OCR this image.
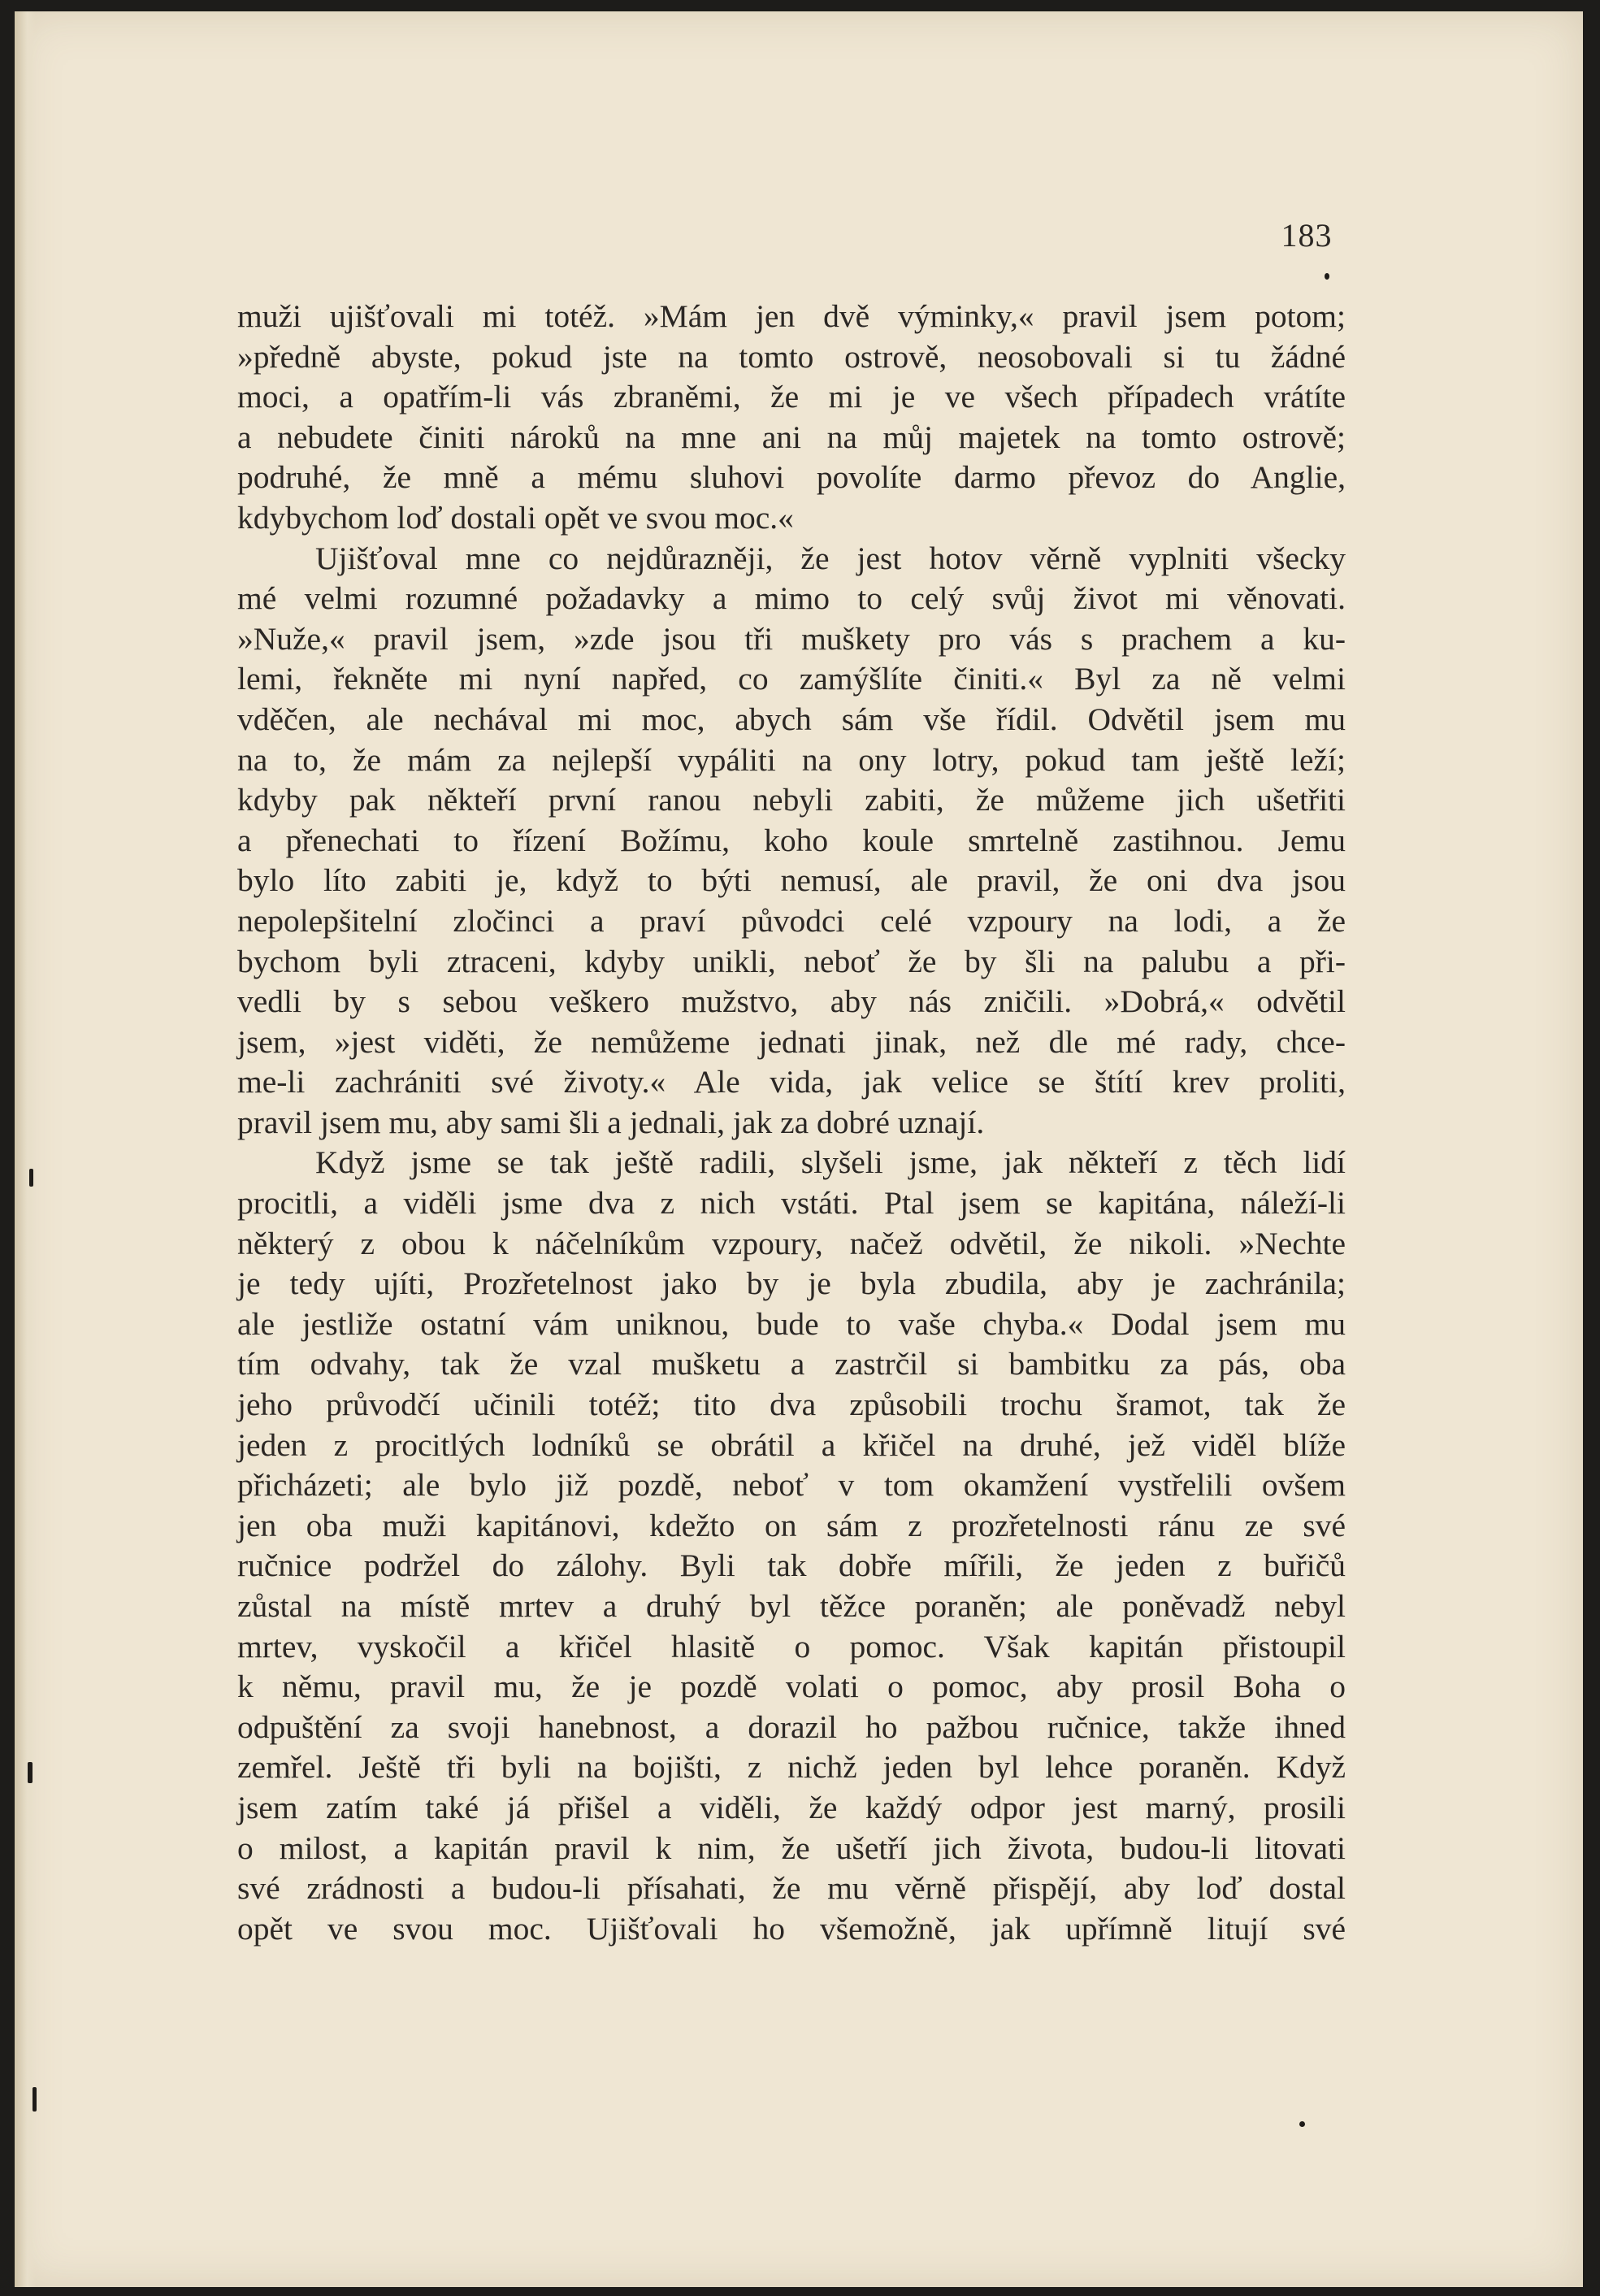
183
muži ujišťovali mi totéž. »Mám jen dvě výminky,« pravil jsem potom;
»předně abyste, pokud jste na tomto ostrově, neosobovali si tu žádné
moci, a opatřím-li vás zbraněmi, že mi je ve všech případech vrátíte
a nebudete činiti nároků na mne ani na můj majetek na tomto ostrově;
podruhé, že mně a mému sluhovi povolíte darmo převoz do Anglie,
kdybychom loď dostali opět ve svou moc.«
Ujišťoval mne co nejdůrazněji, že jest hotov věrně vyplniti všecky
mé velmi rozumné požadavky a mimo to celý svůj život mi věnovati.
»Nuže,« pravil jsem, »zde jsou tři muškety pro vás s prachem a ku-
lemi, řekněte mi nyní napřed, co zamýšlíte činiti.« Byl za ně velmi
vděčen, ale nechával mi moc, abych sám vše řídil. Odvětil jsem mu
na to, že mám za nejlepší vypáliti na ony lotry, pokud tam ještě leží;
kdyby pak někteří první ranou nebyli zabiti, že můžeme jich ušetřiti
a přenechati to řízení Božímu, koho koule smrtelně zastihnou. Jemu
bylo líto zabiti je, když to býti nemusí, ale pravil, že oni dva jsou
nepolepšitelní zločinci a praví původci celé vzpoury na lodi, a že
bychom byli ztraceni, kdyby unikli, neboť že by šli na palubu a při-
vedli by s sebou veškero mužstvo, aby nás zničili. »Dobrá,« odvětil
jsem, »jest viděti, že nemůžeme jednati jinak, než dle mé rady, chce-
me-li zachrániti své životy.« Ale vida, jak velice se štítí krev proliti,
pravil jsem mu, aby sami šli a jednali, jak za dobré uznají.
Když jsme se tak ještě radili, slyšeli jsme, jak někteří z těch lidí
procitli, a viděli jsme dva z nich vstáti. Ptal jsem se kapitána, náleží-li
některý z obou k náčelníkům vzpoury, načež odvětil, že nikoli. »Nechte
je tedy ujíti, Prozřetelnost jako by je byla zbudila, aby je zachránila;
ale jestliže ostatní vám uniknou, bude to vaše chyba.« Dodal jsem mu
tím odvahy, tak že vzal mušketu a zastrčil si bambitku za pás, oba
jeho průvodčí učinili totéž; tito dva způsobili trochu šramot, tak že
jeden z procitlých lodníků se obrátil a křičel na druhé, jež viděl blíže
přicházeti; ale bylo již pozdě, neboť v tom okamžení vystřelili ovšem
jen oba muži kapitánovi, kdežto on sám z prozřetelnosti ránu ze své
ručnice podržel do zálohy. Byli tak dobře mířili, že jeden z buřičů
zůstal na místě mrtev a druhý byl těžce poraněn; ale poněvadž nebyl
mrtev, vyskočil a křičel hlasitě o pomoc. Však kapitán přistoupil
k němu, pravil mu, že je pozdě volati o pomoc, aby prosil Boha o
odpuštění za svoji hanebnost, a dorazil ho pažbou ručnice, takže ihned
zemřel. Ještě tři byli na bojišti, z nichž jeden byl lehce poraněn. Když
jsem zatím také já přišel a viděli, že každý odpor jest marný, prosili
o milost, a kapitán pravil k nim, že ušetří jich života, budou-li litovati
své zrádnosti a budou-li přísahati, že mu věrně přispějí, aby loď dostal
opět ve svou moc. Ujišťovali ho všemožně, jak upřímně litují své
